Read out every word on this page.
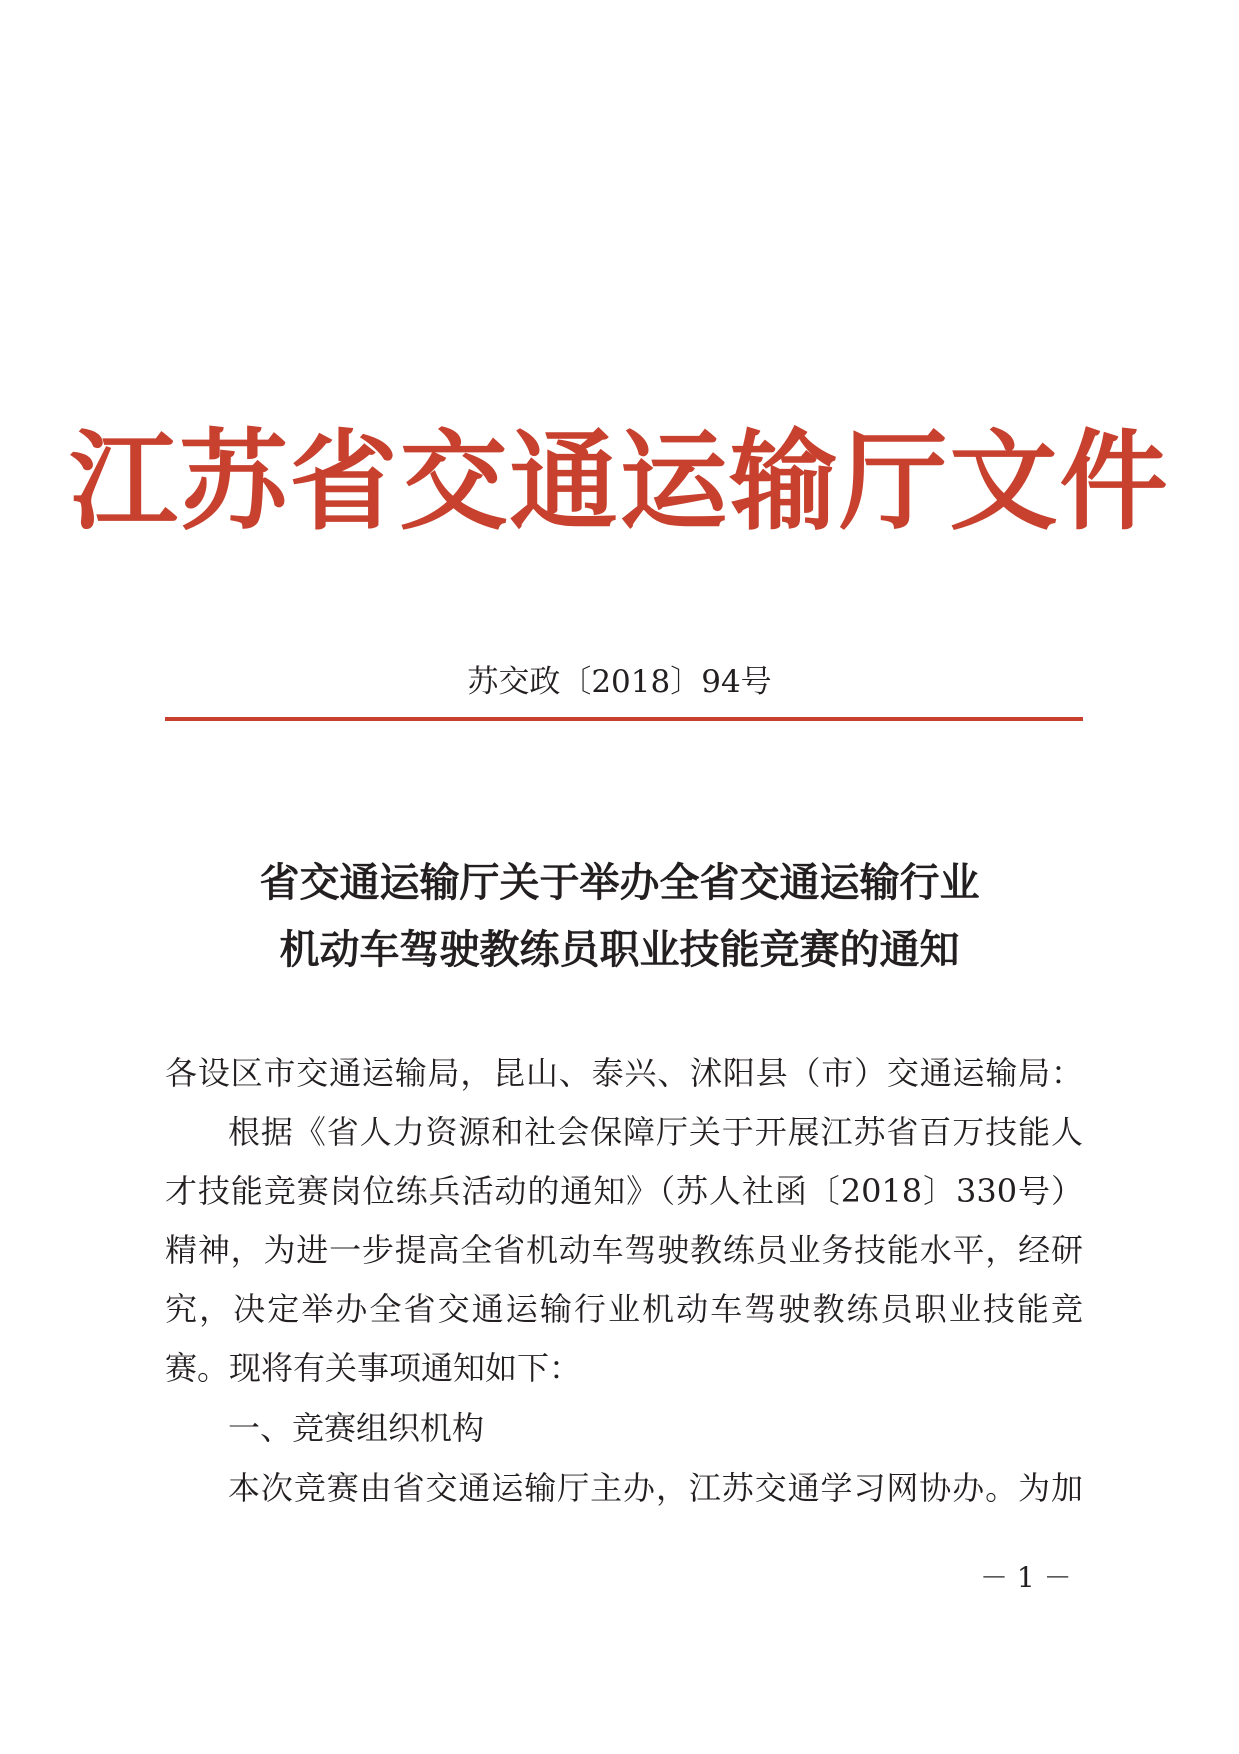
江苏省交通运输厅文件
苏交政〔2018〕94号
省交通运输厅关于举办全省交通运输行业
机动车驾驶教练员职业技能竞赛的通知
各设区市交通运输局，昆山、泰兴、沭阳县（市）交通运输局：
根据《省人力资源和社会保障厅关于开展江苏省百万技能人
才技能竞赛岗位练兵活动的通知》（苏人社函〔2018〕330号）
精神，为进一步提高全省机动车驾驶教练员业务技能水平，经研
究，决定举办全省交通运输行业机动车驾驶教练员职业技能竞
赛。现将有关事项通知如下：
一、竞赛组织机构
本次竞赛由省交通运输厅主办，江苏交通学习网协办。为加
－ 1 －
